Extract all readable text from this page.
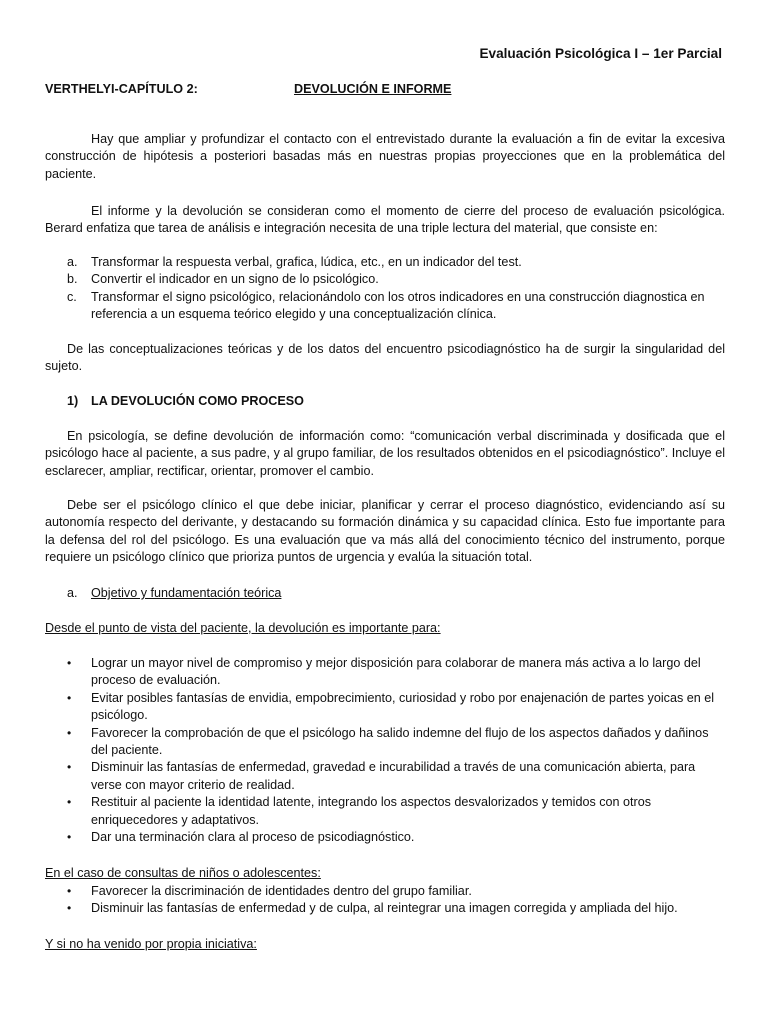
Evaluación Psicológica I – 1er Parcial
VERTHELYI-CAPÍTULO 2:	DEVOLUCIÓN E INFORME

Hay que ampliar y profundizar el contacto con el entrevistado durante la evaluación a fin de evitar la excesiva construcción de hipótesis a posteriori basadas más en nuestras propias proyecciones que en la problemática del paciente.

El informe y la devolución se consideran como el momento de cierre del proceso de evaluación psicológica. Berard enfatiza que tarea de análisis e integración necesita de una triple lectura del material, que consiste en:

a. Transformar la respuesta verbal, grafica, lúdica, etc., en un indicador del test.
b. Convertir el indicador en un signo de lo psicológico.
c. Transformar el signo psicológico, relacionándolo con los otros indicadores en una construcción diagnostica en referencia a un esquema teórico elegido y una conceptualización clínica.

De las conceptualizaciones teóricas y de los datos del encuentro psicodiagnóstico ha de surgir la singularidad del sujeto.

1) LA DEVOLUCIÓN COMO PROCESO

En psicología, se define devolución de información como: “comunicación verbal discriminada y dosificada que el psicólogo hace al paciente, a sus padre, y al grupo familiar, de los resultados obtenidos en el psicodiagnóstico”. Incluye el esclarecer, ampliar, rectificar, orientar, promover el cambio.

Debe ser el psicólogo clínico el que debe iniciar, planificar y cerrar el proceso diagnóstico, evidenciando así su autonomía respecto del derivante, y destacando su formación dinámica y su capacidad clínica. Esto fue importante para la defensa del rol del psicólogo. Es una evaluación que va más allá del conocimiento técnico del instrumento, porque requiere un psicólogo clínico que prioriza puntos de urgencia y evalúa la situación total.

a. Objetivo y fundamentación teórica
Desde el punto de vista del paciente, la devolución es importante para:
• Lograr un mayor nivel de compromiso y mejor disposición para colaborar de manera más activa a lo largo del proceso de evaluación.
• Evitar posibles fantasías de envidia, empobrecimiento, curiosidad y robo por enajenación de partes yoicas en el psicólogo.
• Favorecer la comprobación de que el psicólogo ha salido indemne del flujo de los aspectos dañados y dañinos del paciente.
• Disminuir las fantasías de enfermedad, gravedad e incurabilidad a través de una comunicación abierta, para verse con mayor criterio de realidad.
• Restituir al paciente la identidad latente, integrando los aspectos desvalorizados y temidos con otros enriquecedores y adaptativos.
• Dar una terminación clara al proceso de psicodiagnóstico.
En el caso de consultas de niños o adolescentes:
• Favorecer la discriminación de identidades dentro del grupo familiar.
• Disminuir las fantasías de enfermedad y de culpa, al reintegrar una imagen corregida y ampliada del hijo.
Y si no ha venido por propia iniciativa:
